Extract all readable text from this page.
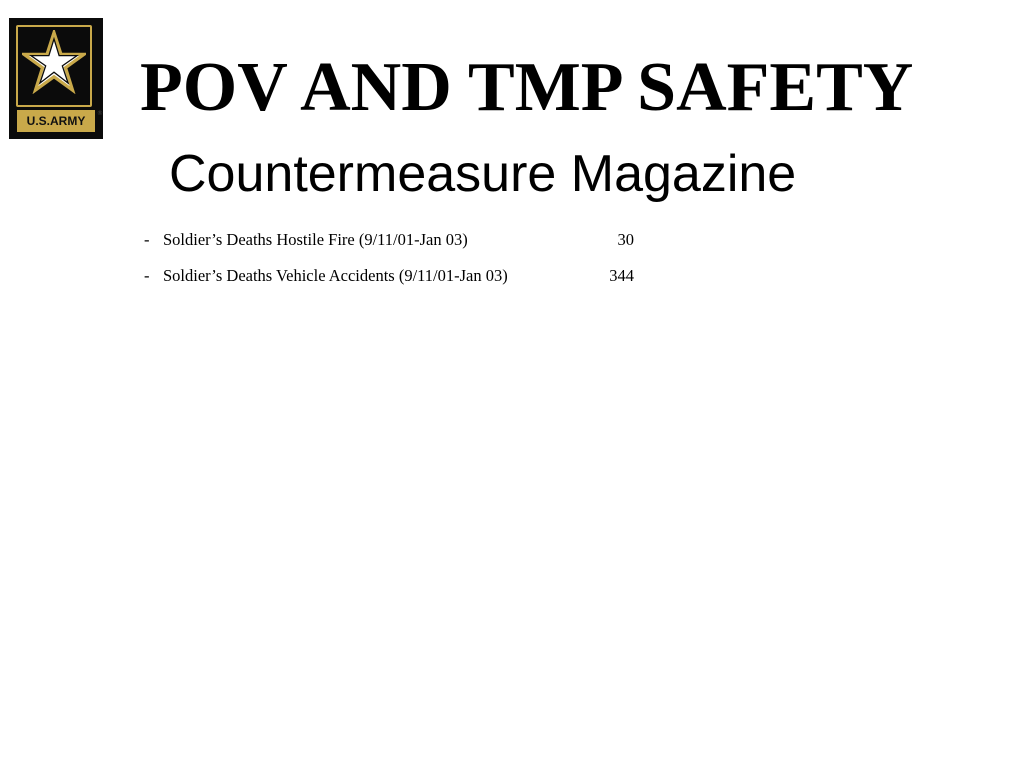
U.S.ARMY
® POV AND TMP SAFETY
Countermeasure Magazine
- Soldier’s Deaths Hostile Fire (9/11/01-Jan 03)	30
- Soldier’s Deaths Vehicle Accidents (9/11/01-Jan 03)	344
